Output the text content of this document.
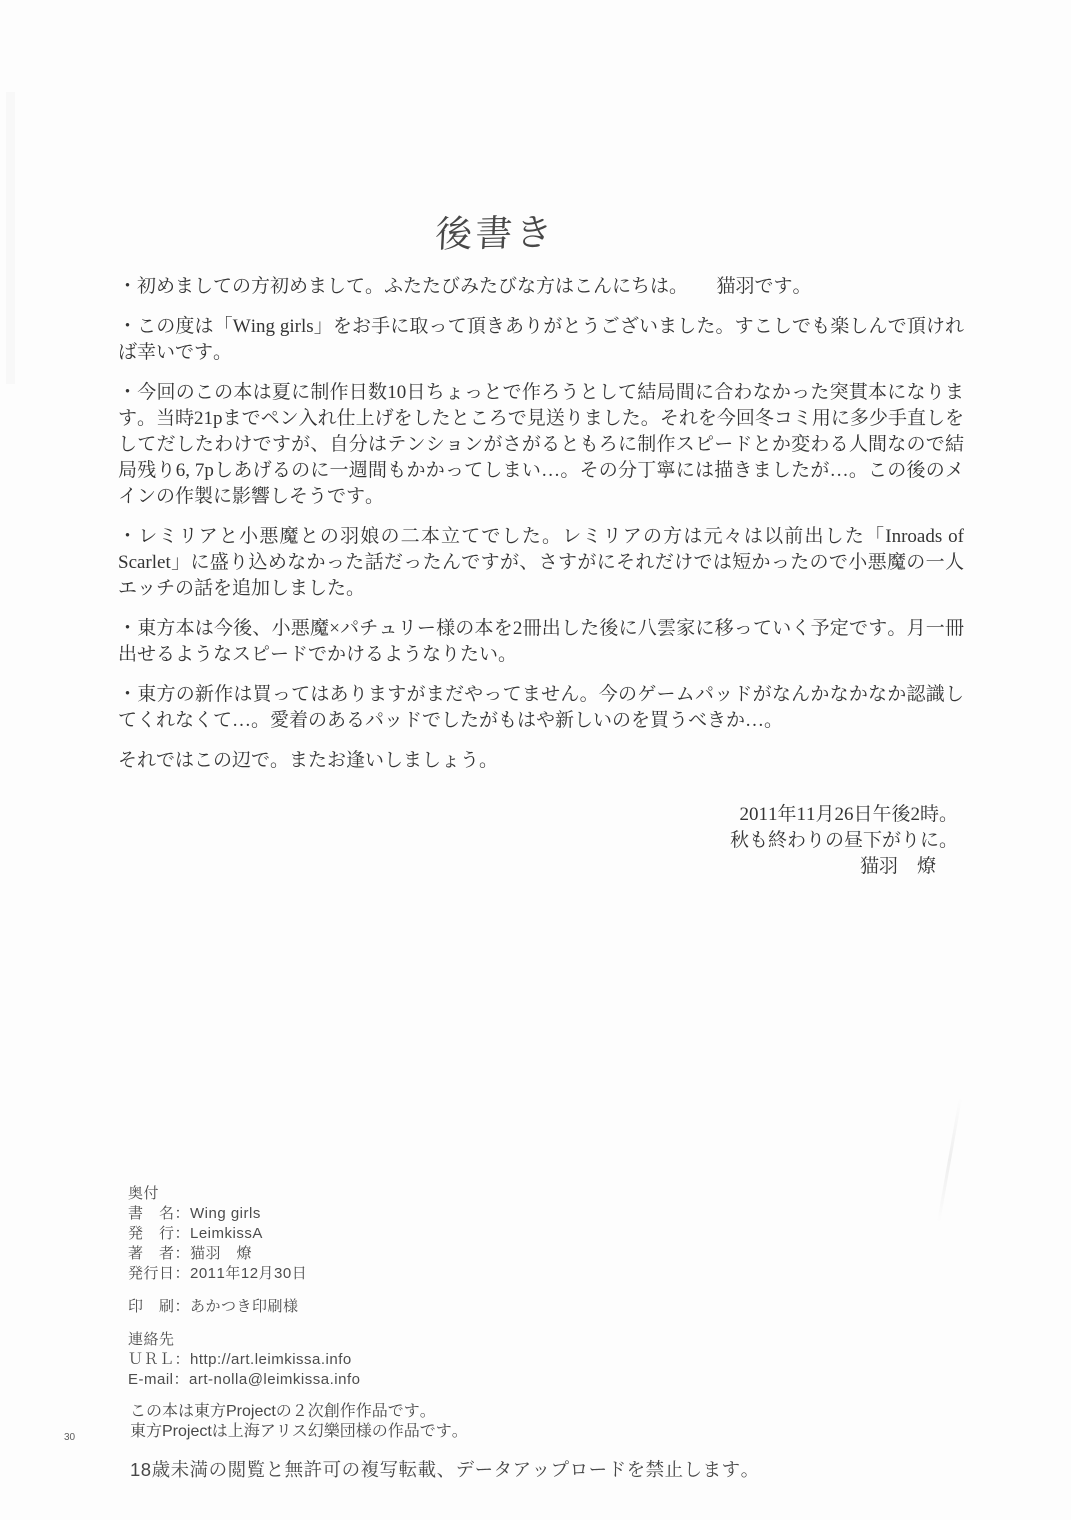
後書き

・初めましての方初めまして。ふたたびみたびな方はこんにちは。　　猫羽です。

・この度は「Wing girls」をお手に取って頂きありがとうございました。すこしでも楽しんで頂ければ幸いです。

・今回のこの本は夏に制作日数10日ちょっとで作ろうとして結局間に合わなかった突貫本になります。当時21pまでペン入れ仕上げをしたところで見送りました。それを今回冬コミ用に多少手直しをしてだしたわけですが、自分はテンションがさがるともろに制作スピードとか変わる人間なので結局残り6, 7pしあげるのに一週間もかかってしまい…。その分丁寧には描きましたが…。この後のメインの作製に影響しそうです。

・レミリアと小悪魔との羽娘の二本立てでした。レミリアの方は元々は以前出した「Inroads of Scarlet」に盛り込めなかった話だったんですが、さすがにそれだけでは短かったので小悪魔の一人エッチの話を追加しました。

・東方本は今後、小悪魔×パチュリー様の本を2冊出した後に八雲家に移っていく予定です。月一冊出せるようなスピードでかけるようなりたい。

・東方の新作は買ってはありますがまだやってません。今のゲームパッドがなんかなかなか認識してくれなくて…。愛着のあるパッドでしたがもはや新しいのを買うべきか…。

それではこの辺で。またお逢いしましょう。

2011年11月26日午後2時。

秋も終わりの昼下がりに。

猫羽　燎

奥付

書　名：Wing girls

発　行：LeimkissA

著　者：猫羽　燎

発行日：2011年12月30日

印　刷：あかつき印刷様

連絡先

ＵＲＬ：http://art.leimkissa.info

E-mail：art-nolla@leimkissa.info

この本は東方Projectの２次創作作品です。

東方Projectは上海アリス幻樂団様の作品です。

18歳未満の閲覧と無許可の複写転載、データアップロードを禁止します。

30
